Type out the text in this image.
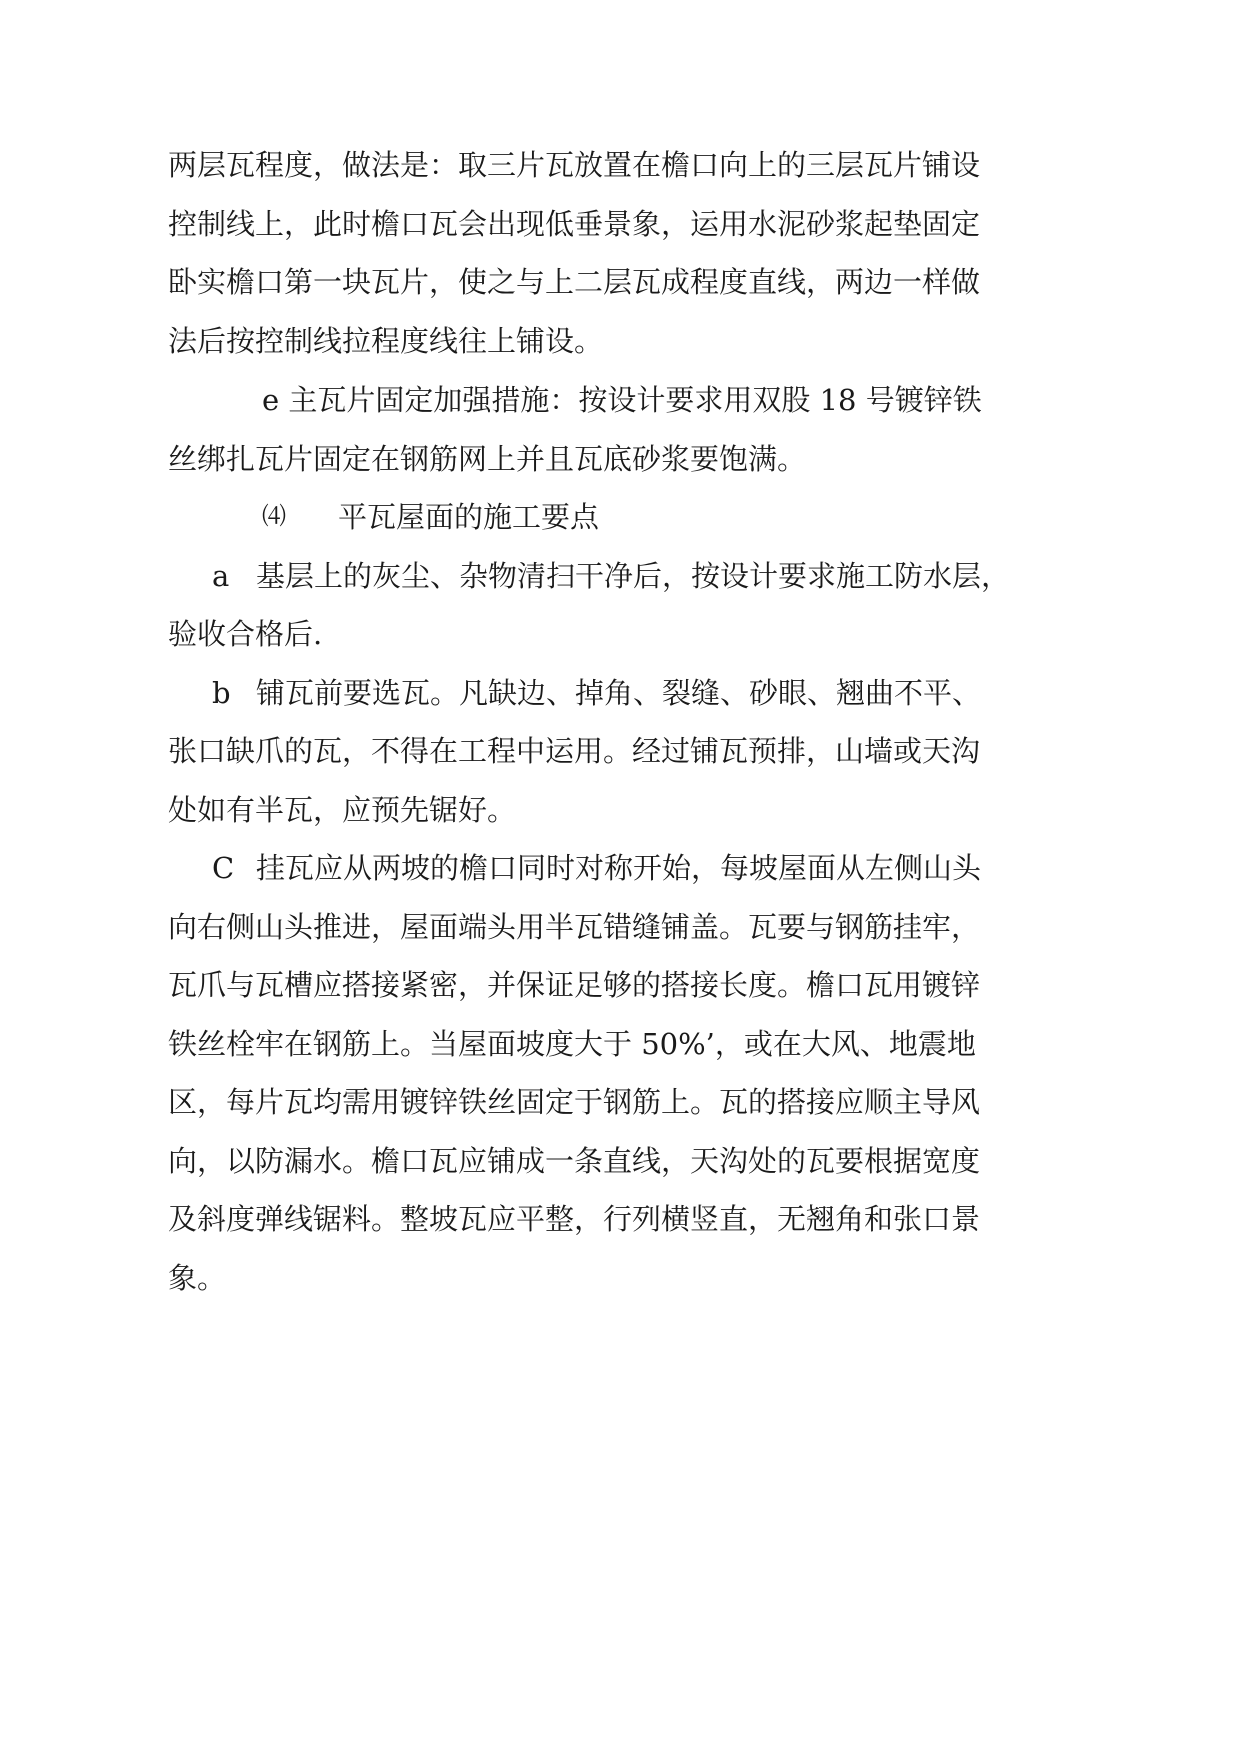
两层瓦程度，做法是：取三片瓦放置在檐口向上的三层瓦片铺设
控制线上，此时檐口瓦会出现低垂景象，运用水泥砂浆起垫固定
卧实檐口第一块瓦片，使之与上二层瓦成程度直线，两边一样做
法后按控制线拉程度线往上铺设。
e 主瓦片固定加强措施：按设计要求用双股 18 号镀锌铁
丝绑扎瓦片固定在钢筋网上并且瓦底砂浆要饱满。
⑷ 平瓦屋面的施工要点
a 基层上的灰尘、杂物清扫干净后，按设计要求施工防水层，
验收合格后.
b 铺瓦前要选瓦。凡缺边、掉角、裂缝、砂眼、翘曲不平、
张口缺爪的瓦，不得在工程中运用。经过铺瓦预排，山墙或天沟
处如有半瓦，应预先锯好。
C 挂瓦应从两坡的檐口同时对称开始，每坡屋面从左侧山头
向右侧山头推进，屋面端头用半瓦错缝铺盖。瓦要与钢筋挂牢，
瓦爪与瓦槽应搭接紧密，并保证足够的搭接长度。檐口瓦用镀锌
铁丝栓牢在钢筋上。当屋面坡度大于 50%’，或在大风、地震地
区，每片瓦均需用镀锌铁丝固定于钢筋上。瓦的搭接应顺主导风
向，以防漏水。檐口瓦应铺成一条直线，天沟处的瓦要根据宽度
及斜度弹线锯料。整坡瓦应平整，行列横竖直，无翘角和张口景
象。
